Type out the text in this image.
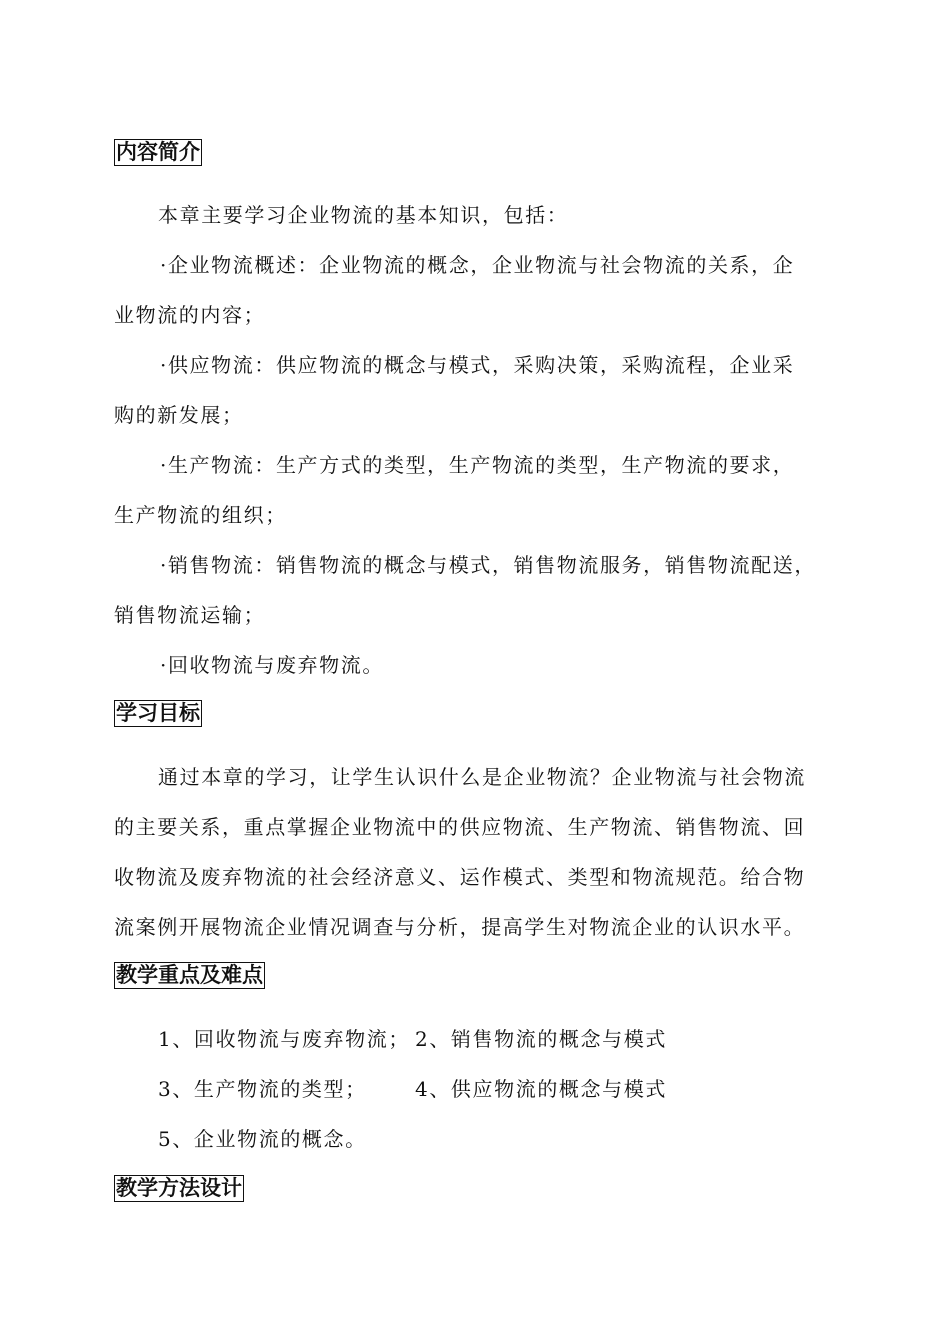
内容简介
本章主要学习企业物流的基本知识，包括：
·企业物流概述：企业物流的概念，企业物流与社会物流的关系，企
业物流的内容；
·供应物流：供应物流的概念与模式，采购决策，采购流程，企业采
购的新发展；
·生产物流：生产方式的类型，生产物流的类型，生产物流的要求，
生产物流的组织；
·销售物流：销售物流的概念与模式，销售物流服务，销售物流配送，
销售物流运输；
·回收物流与废弃物流。
学习目标
通过本章的学习，让学生认识什么是企业物流？企业物流与社会物流
的主要关系，重点掌握企业物流中的供应物流、生产物流、销售物流、回
收物流及废弃物流的社会经济意义、运作模式、类型和物流规范。给合物
流案例开展物流企业情况调查与分析，提高学生对物流企业的认识水平。
教学重点及难点
1、回收物流与废弃物流； 2、销售物流的概念与模式
3、生产物流的类型； 4、供应物流的概念与模式
5、企业物流的概念。
教学方法设计
